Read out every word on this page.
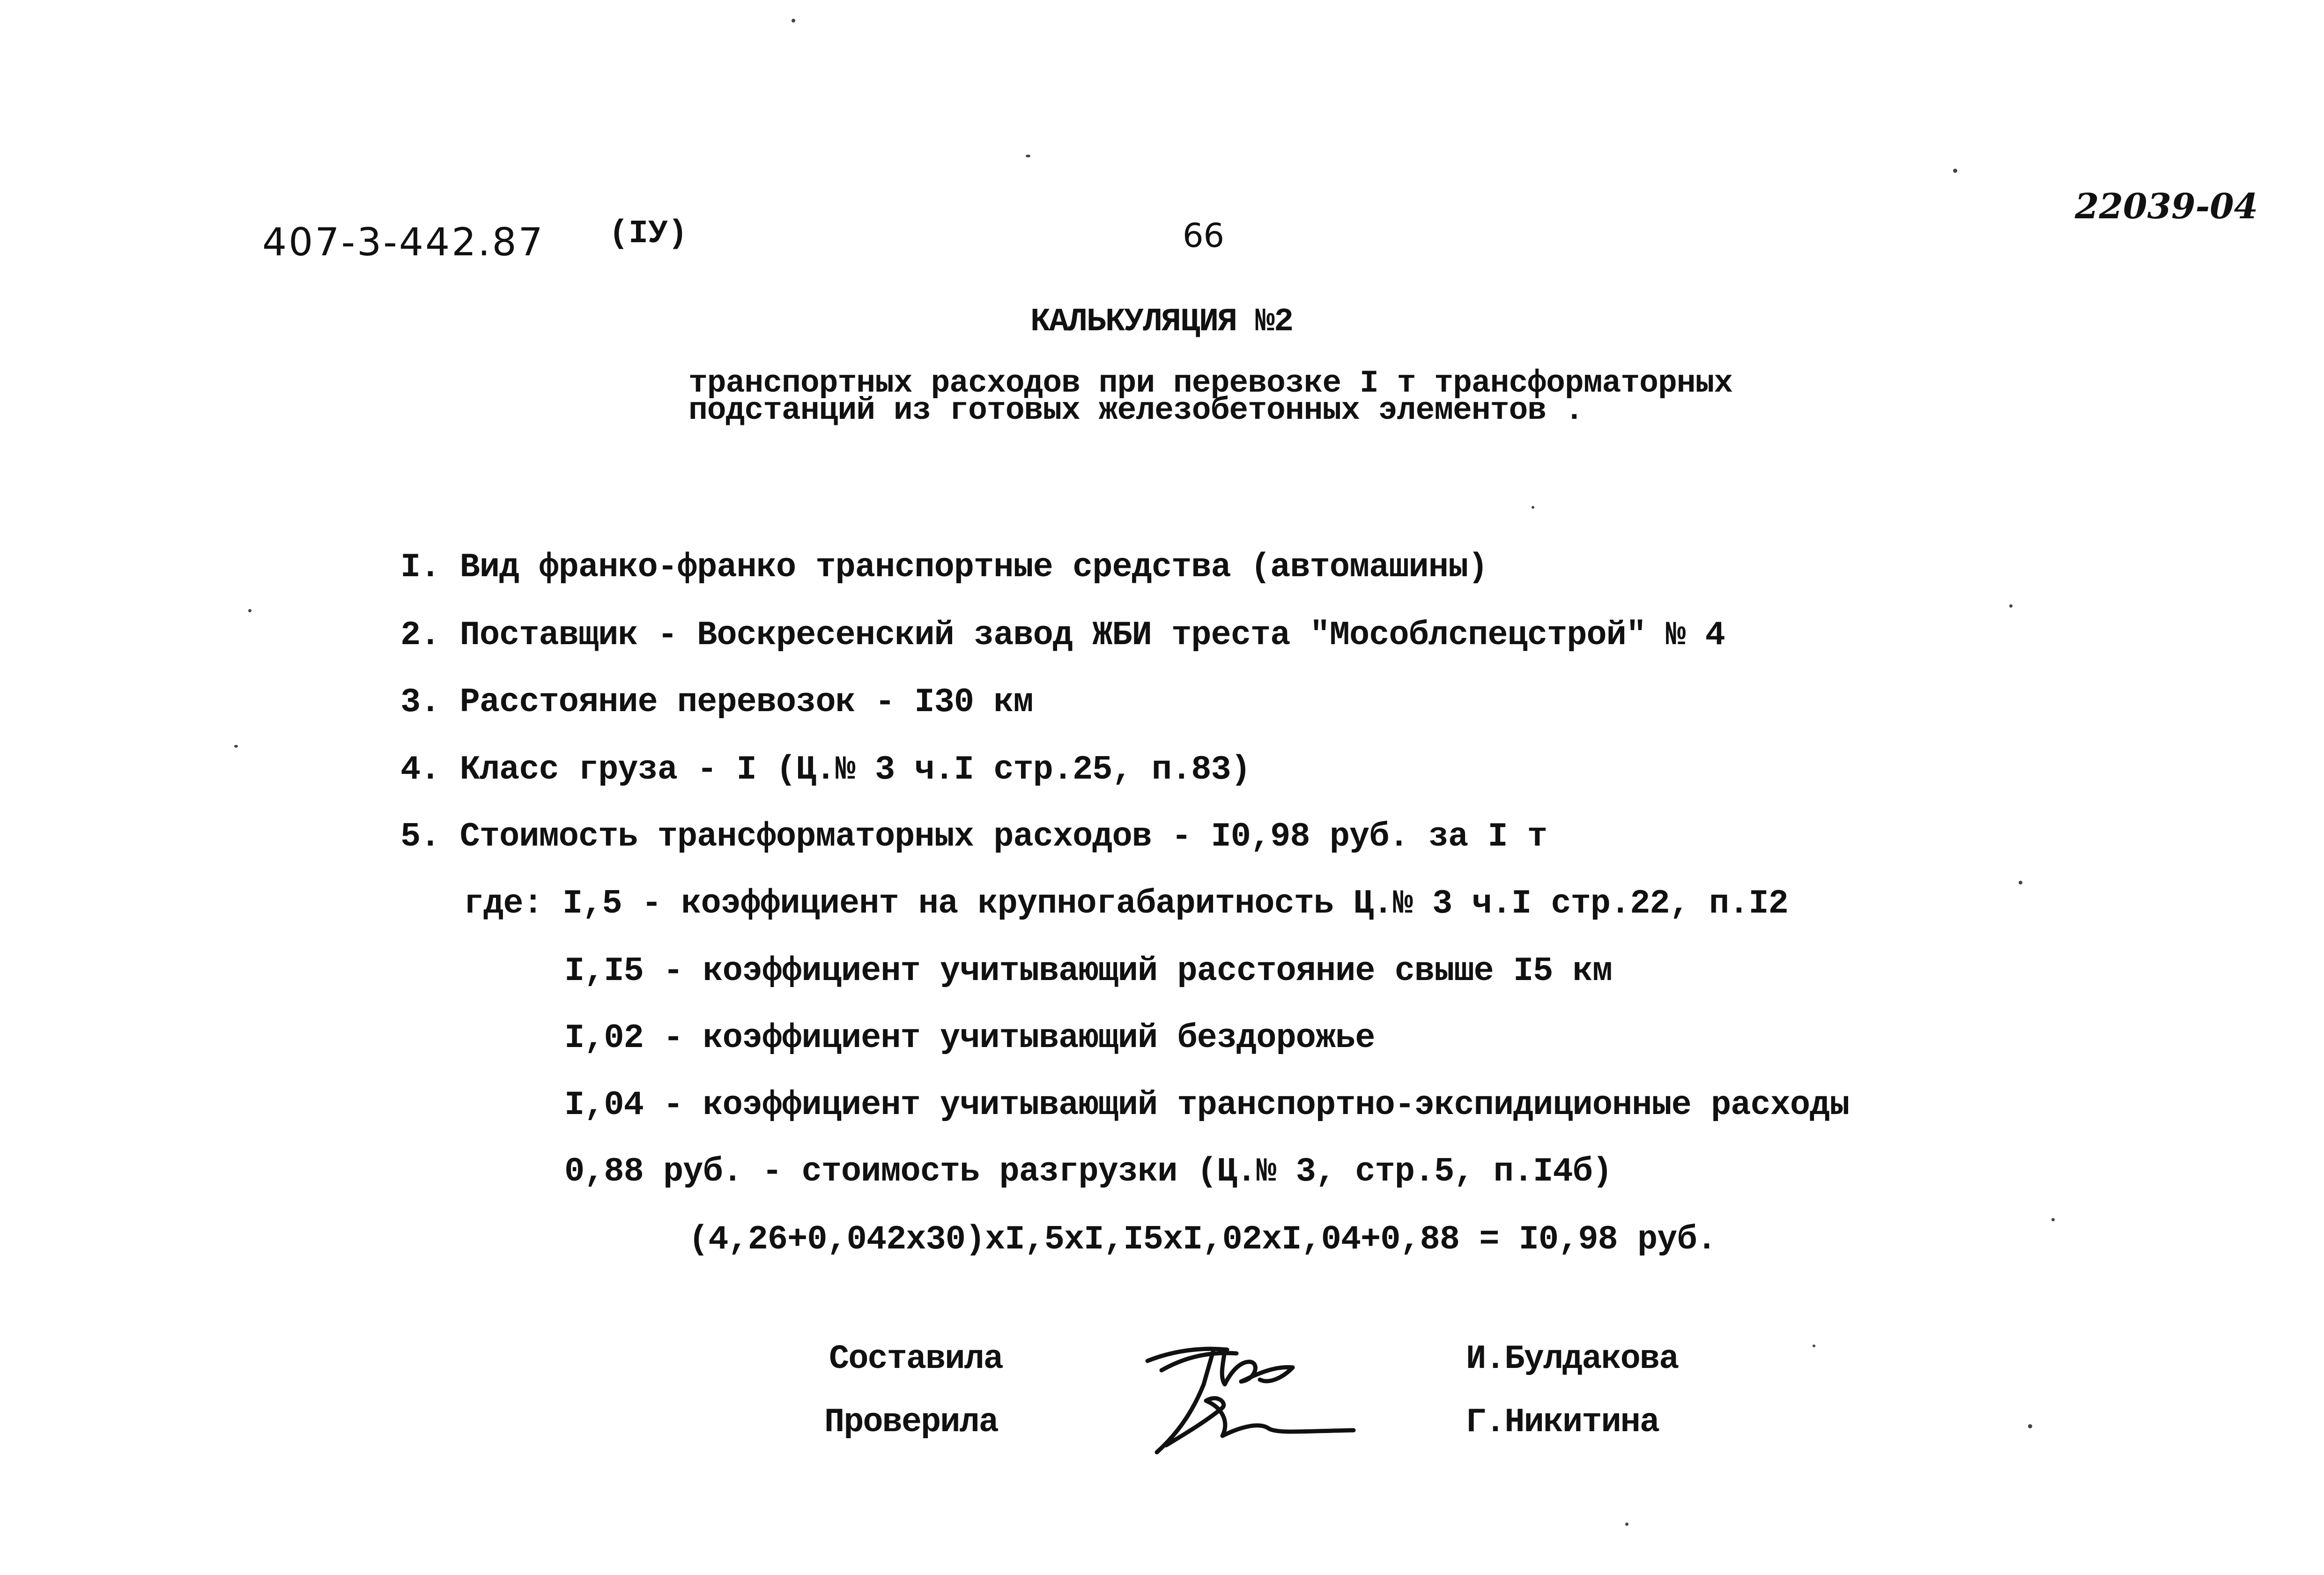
407-3-442.87 (IУ)	66
22039-04
КАЛЬКУЛЯЦИЯ №2
транспортных расходов при перевозке I т трансформаторных
подстанций из готовых железобетонных элементов .
I. Вид франко-франко транспортные средства (автомашины)
2. Поставщик - Воскресенский завод ЖБИ треста "Мособлспецстрой" № 4
3. Расстояние перевозок - I30 км
4. Класс груза - I (Ц.№ 3 ч.I стр.25, п.83)
5. Стоимость трансформаторных расходов - I0,98 руб. за I т
где: I,5 - коэффициент на крупногабаритность Ц.№ 3 ч.I стр.22, п.I2
I,I5 - коэффициент учитывающий расстояние свыше I5 км
I,02 - коэффициент учитывающий бездорожье
I,04 - коэффициент учитывающий транспортно-экспидиционные расходы
0,88 руб. - стоимость разгрузки (Ц.№ 3, стр.5, п.I4б)
(4,26+0,042x30)xI,5xI,I5xI,02xI,04+0,88 = I0,98 руб.
Составила
Проверила
И.Булдакова
Г.Никитина
